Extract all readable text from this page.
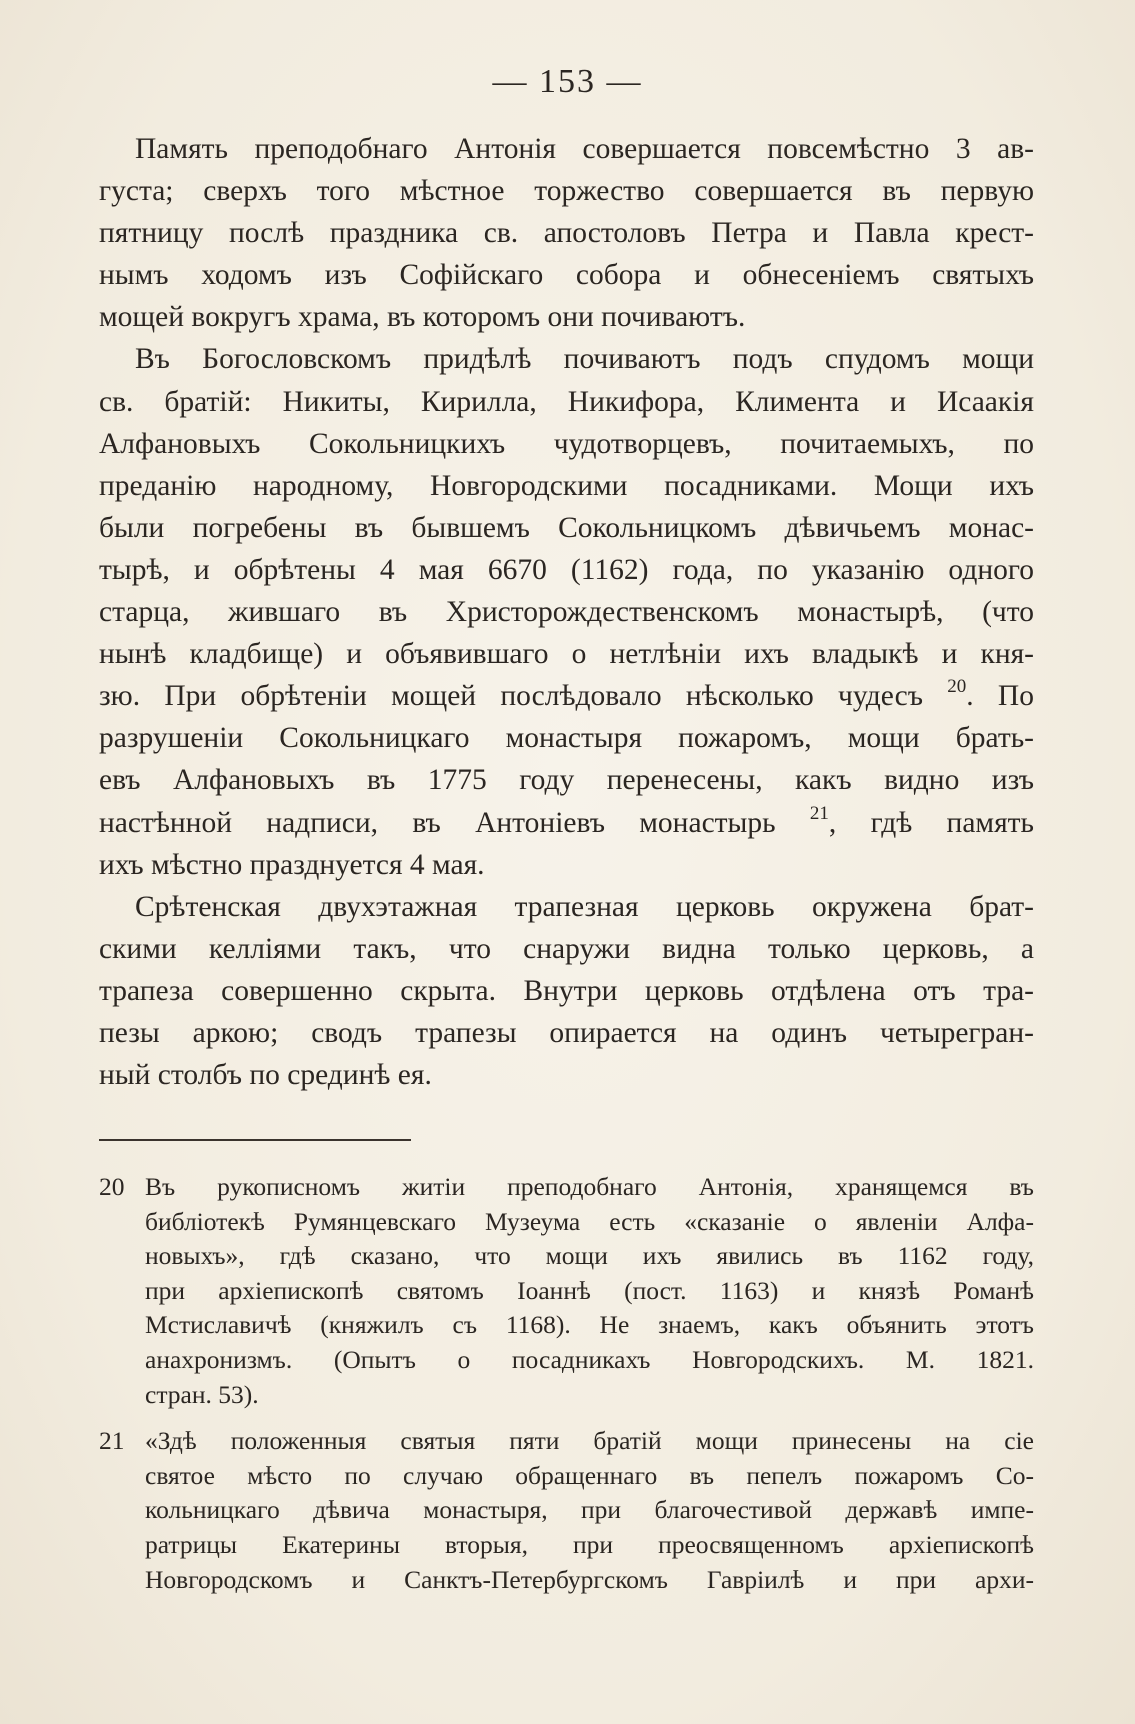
— 153 —

Память преподобнаго Антонія совершается повсемѣстно 3 ав-
густа; сверхъ того мѣстное торжество совершается въ первую
пятницу послѣ праздника св. апостоловъ Петра и Павла крест-
нымъ ходомъ изъ Софійскаго собора и обнесеніемъ святыхъ
мощей вокругъ храма, въ которомъ они почиваютъ.

Въ Богословскомъ придѣлѣ почиваютъ подъ спудомъ мощи
св. братій: Никиты, Кирилла, Никифора, Климента и Исаакія
Алфановыхъ Сокольницкихъ чудотворцевъ, почитаемыхъ, по
преданію народному, Новгородскими посадниками. Мощи ихъ
были погребены въ бывшемъ Сокольницкомъ дѣвичьемъ монас-
тырѣ, и обрѣтены 4 мая 6670 (1162) года, по указанію одного
старца, жившаго въ Христорождественскомъ монастырѣ, (что
нынѣ кладбище) и объявившаго о нетлѣніи ихъ владыкѣ и кня-
зю. При обрѣтеніи мощей послѣдовало нѣсколько чудесъ $^{20}$. По
разрушеніи Сокольницкаго монастыря пожаромъ, мощи брать-
евъ Алфановыхъ въ 1775 году перенесены, какъ видно изъ
настѣнной надписи, въ Антоніевъ монастырь $^{21}$, гдѣ память
ихъ мѣстно празднуется 4 мая.

Срѣтенская двухэтажная трапезная церковь окружена брат-
скими келліями такъ, что снаружи видна только церковь, а
трапеза совершенно скрыта. Внутри церковь отдѣлена отъ тра-
пезы аркою; сводъ трапезы опирается на одинъ четырегран-
ный столбъ по срединѣ ея.

20 Въ рукописномъ житіи преподобнаго Антонія, хранящемся въ
библіотекѣ Румянцевскаго Музеума есть «сказаніе о явленіи Алфа-
новыхъ», гдѣ сказано, что мощи ихъ явились въ 1162 году,
при архіепископѣ святомъ Іоаннѣ (пост. 1163) и князѣ Романѣ
Мстиславичѣ (княжилъ съ 1168). Не знаемъ, какъ объянить этотъ
анахронизмъ. (Опытъ о посадникахъ Новгородскихъ. М. 1821.
стран. 53).
21 «Здѣ положенныя святыя пяти братій мощи принесены на сіе
святое мѣсто по случаю обращеннаго въ пепелъ пожаромъ Со-
кольницкаго дѣвича монастыря, при благочестивой державѣ импе-
ратрицы Екатерины вторыя, при преосвященномъ архіепископѣ
Новгородскомъ и Санктъ-Петербургскомъ Гавріилѣ и при архи-
